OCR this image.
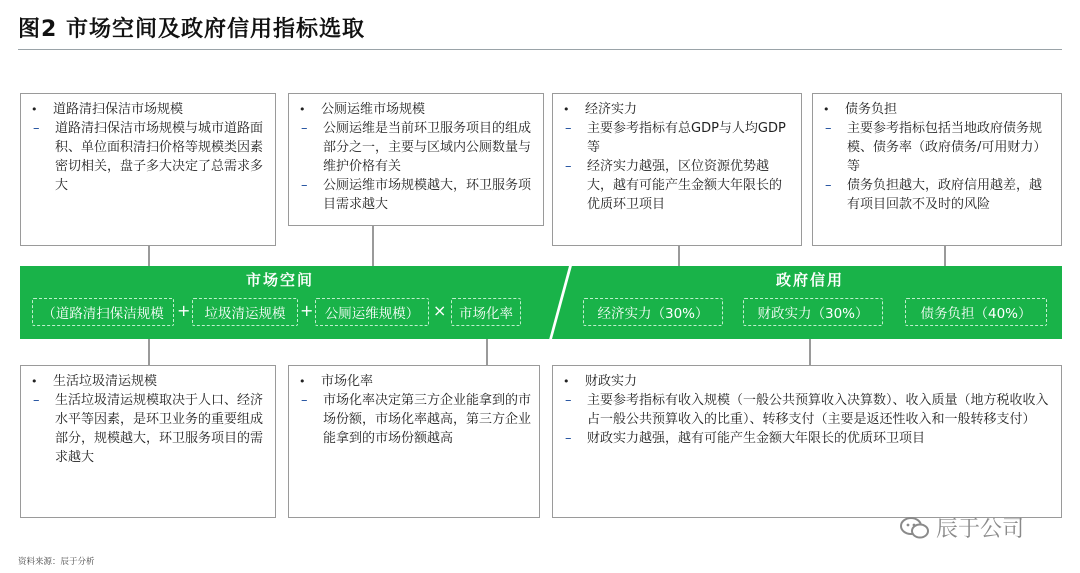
图2 市场空间及政府信用指标选取
•	道路清扫保洁市场规模
–	道路清扫保洁市场规模与城市道路面积、单位面积清扫价格等规模类因素密切相关，盘子多大决定了总需求多大
•	公厕运维市场规模
–	公厕运维是当前环卫服务项目的组成部分之一，主要与区域内公厕数量与维护价格有关
–	公厕运维市场规模越大，环卫服务项目需求越大
•	经济实力
–	主要参考指标有总GDP与人均GDP等
–	经济实力越强，区位资源优势越大，越有可能产生金额大年限长的优质环卫项目
•	债务负担
–	主要参考指标包括当地政府债务规模、债务率（政府债务/可用财力）等
–	债务负担越大，政府信用越差，越有项目回款不及时的风险
市场空间	政府信用
（道路清扫保洁规模 +	垃圾清运规模 + 公厕运维规模） × 市场化率	经济实力（30%）	财政实力（30%）	债务负担（40%）
•	生活垃圾清运规模
–	生活垃圾清运规模取决于人口、经济水平等因素，是环卫业务的重要组成部分，规模越大，环卫服务项目的需求越大
•	市场化率
–	市场化率决定第三方企业能拿到的市场份额，市场化率越高，第三方企业能拿到的市场份额越高
•	财政实力
–	主要参考指标有收入规模（一般公共预算收入决算数）、收入质量（地方税收收入占一般公共预算收入的比重）、转移支付（主要是返还性收入和一般转移支付）
–	财政实力越强，越有可能产生金额大年限长的优质环卫项目
资料来源：辰于分析
辰于公司
